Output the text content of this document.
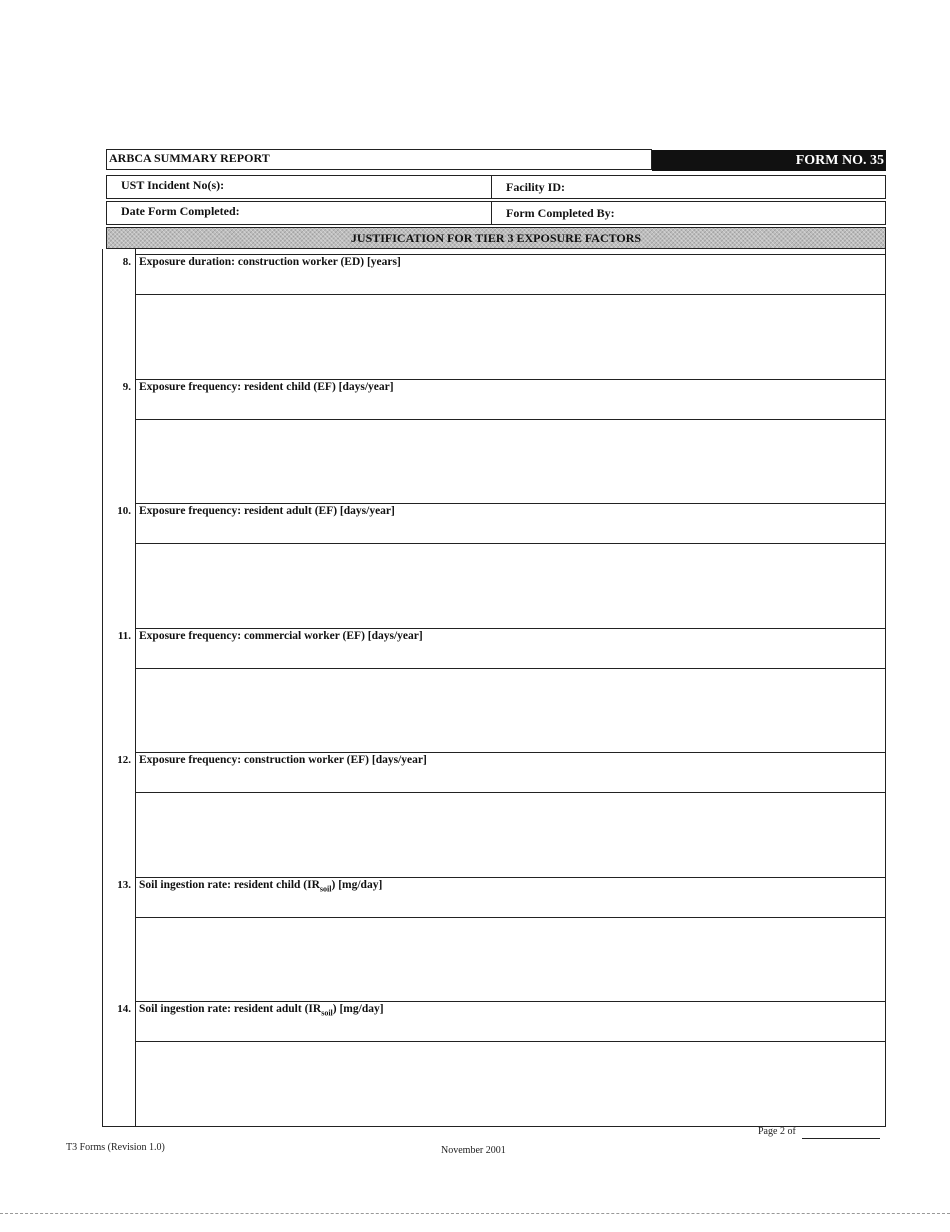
ARBCA SUMMARY REPORT	FORM NO. 35
UST Incident No(s):	Facility ID:
Date Form Completed:	Form Completed By:
JUSTIFICATION FOR TIER 3 EXPOSURE FACTORS
8. Exposure duration: construction worker (ED) [years]
9. Exposure frequency: resident child (EF) [days/year]
10. Exposure frequency: resident adult (EF) [days/year]
11. Exposure frequency: commercial worker (EF) [days/year]
12. Exposure frequency: construction worker (EF) [days/year]
13. Soil ingestion rate: resident child $(IR_{soil})$ [mg/day]
14. Soil ingestion rate: resident adult $(IR_{soil})$ [mg/day]
Page 2 of
T3 Forms (Revision 1.0)	November 2001
